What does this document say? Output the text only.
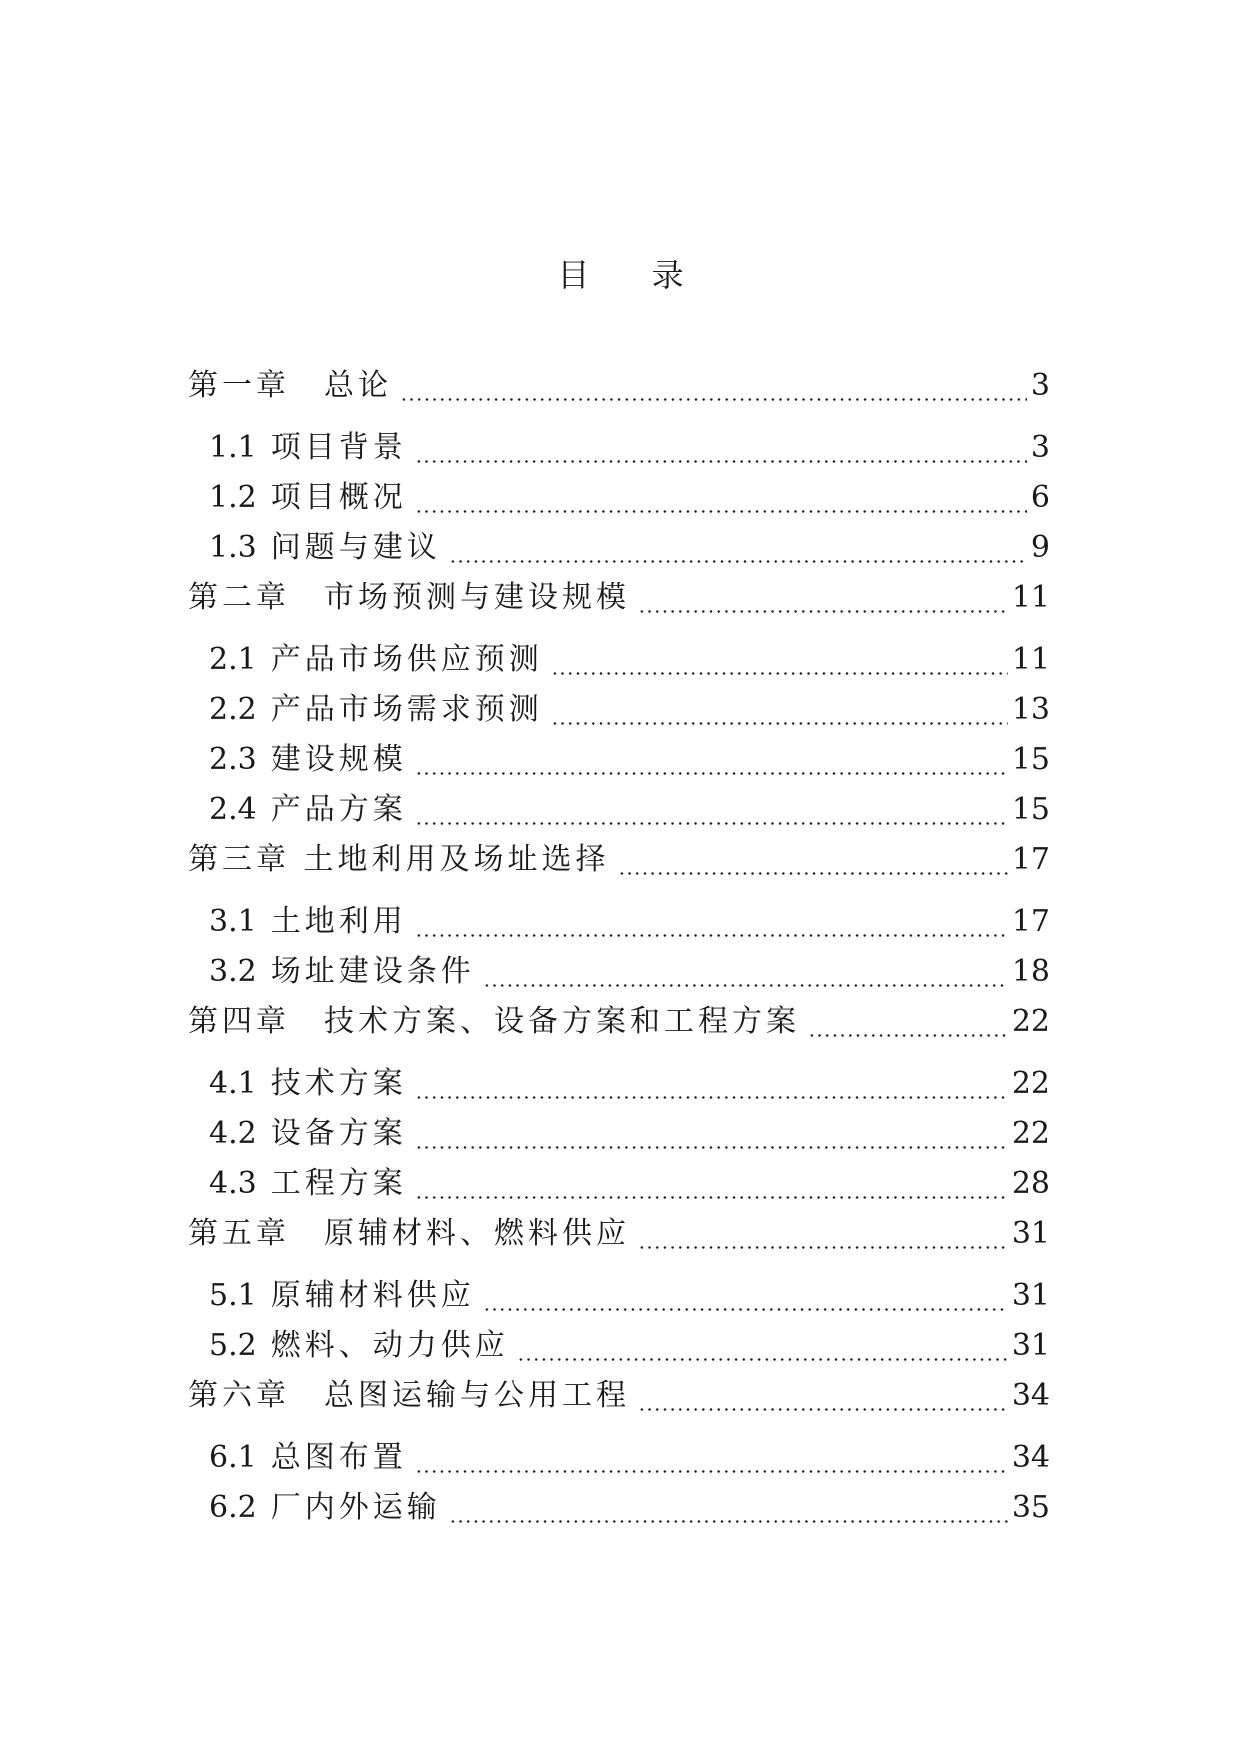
目 录
第一章　总论	3
1.1 项目背景	3
1.2 项目概况	6
1.3 问题与建议	9
第二章　市场预测与建设规模	11
2.1 产品市场供应预测	11
2.2 产品市场需求预测	13
2.3 建设规模	15
2.4 产品方案	15
第三章 土地利用及场址选择	17
3.1 土地利用	17
3.2 场址建设条件	18
第四章　技术方案、设备方案和工程方案	22
4.1 技术方案	22
4.2 设备方案	22
4.3 工程方案	28
第五章　原辅材料、燃料供应	31
5.1 原辅材料供应	31
5.2 燃料、动力供应	31
第六章　总图运输与公用工程	34
6.1 总图布置	34
6.2 厂内外运输	35
